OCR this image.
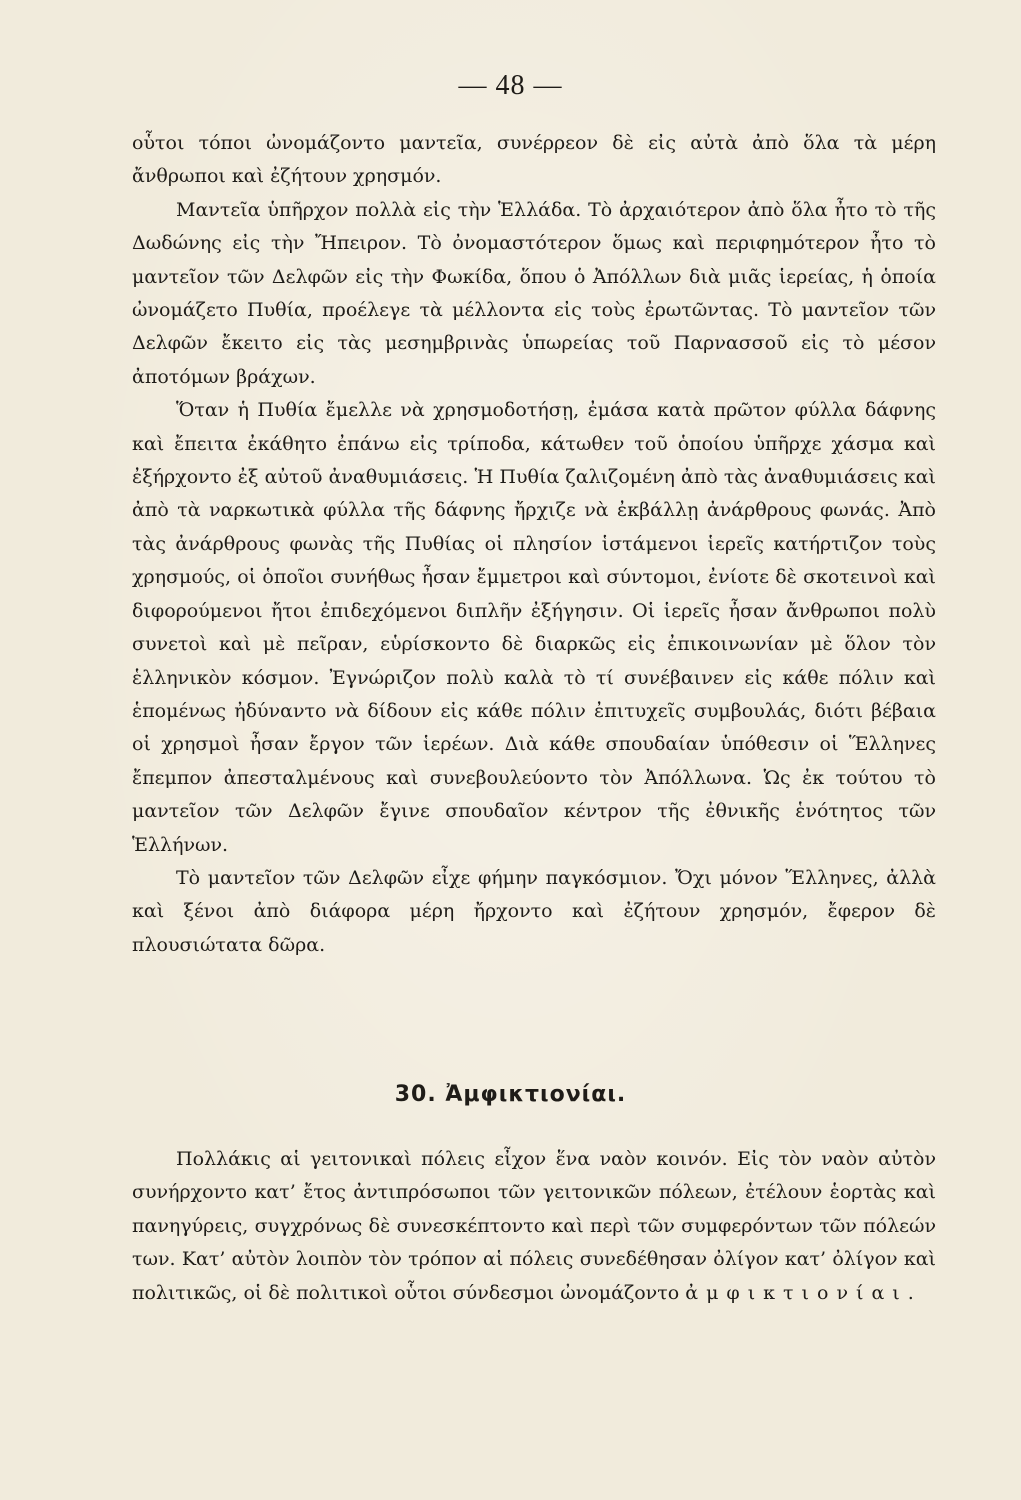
— 48 —

οὗτοι τόποι ὠνομάζοντο μαντεῖα, συνέρρεον δὲ εἰς αὐτὰ ἀπὸ ὅλα τὰ μέρη ἄνθρωποι καὶ ἐζήτουν χρησμόν.

Μαντεῖα ὑπῆρχον πολλὰ εἰς τὴν Ἑλλάδα. Τὸ ἀρχαιότερον ἀπὸ ὅλα ἦτο τὸ τῆς Δωδώνης εἰς τὴν Ἤπειρον. Τὸ ὀνομαστότερον ὅμως καὶ περιφημότερον ἦτο τὸ μαντεῖον τῶν Δελφῶν εἰς τὴν Φωκίδα, ὅπου ὁ Ἀπόλλων διὰ μιᾶς ἱερείας, ἡ ὁποία ὠνομάζετο Πυθία, προέλεγε τὰ μέλλοντα εἰς τοὺς ἐρωτῶντας. Τὸ μαντεῖον τῶν Δελφῶν ἔκειτο εἰς τὰς μεσημβρινὰς ὑπωρείας τοῦ Παρνασσοῦ εἰς τὸ μέσον ἀποτόμων βράχων.

Ὅταν ἡ Πυθία ἔμελλε νὰ χρησμοδοτήσῃ, ἐμάσα κατὰ πρῶτον φύλλα δάφνης καὶ ἔπειτα ἐκάθητο ἐπάνω εἰς τρίποδα, κάτωθεν τοῦ ὁποίου ὑπῆρχε χάσμα καὶ ἐξήρχοντο ἐξ αὐτοῦ ἀναθυμιάσεις. Ἡ Πυθία ζαλιζομένη ἀπὸ τὰς ἀναθυμιάσεις καὶ ἀπὸ τὰ ναρκωτικὰ φύλλα τῆς δάφνης ἤρχιζε νὰ ἐκβάλλῃ ἀνάρθρους φωνάς. Ἀπὸ τὰς ἀνάρθρους φωνὰς τῆς Πυθίας οἱ πλησίον ἱστάμενοι ἱερεῖς κατήρτιζον τοὺς χρησμούς, οἱ ὁποῖοι συνήθως ἦσαν ἔμμετροι καὶ σύντομοι, ἐνίοτε δὲ σκοτεινοὶ καὶ διφορούμενοι ἤτοι ἐπιδεχόμενοι διπλῆν ἐξήγησιν. Οἱ ἱερεῖς ἦσαν ἄνθρωποι πολὺ συνετοὶ καὶ μὲ πεῖραν, εὑρίσκοντο δὲ διαρκῶς εἰς ἐπικοινωνίαν μὲ ὅλον τὸν ἑλληνικὸν κόσμον. Ἐγνώριζον πολὺ καλὰ τὸ τί συνέβαινεν εἰς κάθε πόλιν καὶ ἑπομένως ἠδύναντο νὰ δίδουν εἰς κάθε πόλιν ἐπιτυχεῖς συμβουλάς, διότι βέβαια οἱ χρησμοὶ ἦσαν ἔργον τῶν ἱερέων. Διὰ κάθε σπουδαίαν ὑπόθεσιν οἱ Ἕλληνες ἔπεμπον ἀπεσταλμένους καὶ συνεβουλεύοντο τὸν Ἀπόλλωνα. Ὡς ἐκ τούτου τὸ μαντεῖον τῶν Δελφῶν ἔγινε σπουδαῖον κέντρον τῆς ἐθνικῆς ἑνότητος τῶν Ἑλλήνων.

Τὸ μαντεῖον τῶν Δελφῶν εἶχε φήμην παγκόσμιον. Ὄχι μόνον Ἕλληνες, ἀλλὰ καὶ ξένοι ἀπὸ διάφορα μέρη ἤρχοντο καὶ ἐζήτουν χρησμόν, ἔφερον δὲ πλουσιώτατα δῶρα.

30. Ἀμφικτιονίαι.

Πολλάκις αἱ γειτονικαὶ πόλεις εἶχον ἕνα ναὸν κοινόν. Εἰς τὸν ναὸν αὐτὸν συνήρχοντο κατ’ ἔτος ἀντιπρόσωποι τῶν γειτονικῶν πόλεων, ἐτέλουν ἑορτὰς καὶ πανηγύρεις, συγχρόνως δὲ συνεσκέπτοντο καὶ περὶ τῶν συμφερόντων τῶν πόλεών των. Κατ’ αὐτὸν λοιπὸν τὸν τρόπον αἱ πόλεις συνεδέθησαν ὀλίγον κατ’ ὀλίγον καὶ πολιτικῶς, οἱ δὲ πολιτικοὶ οὗτοι σύνδεσμοι ὠνομάζοντο ἀμφικτιονίαι.
